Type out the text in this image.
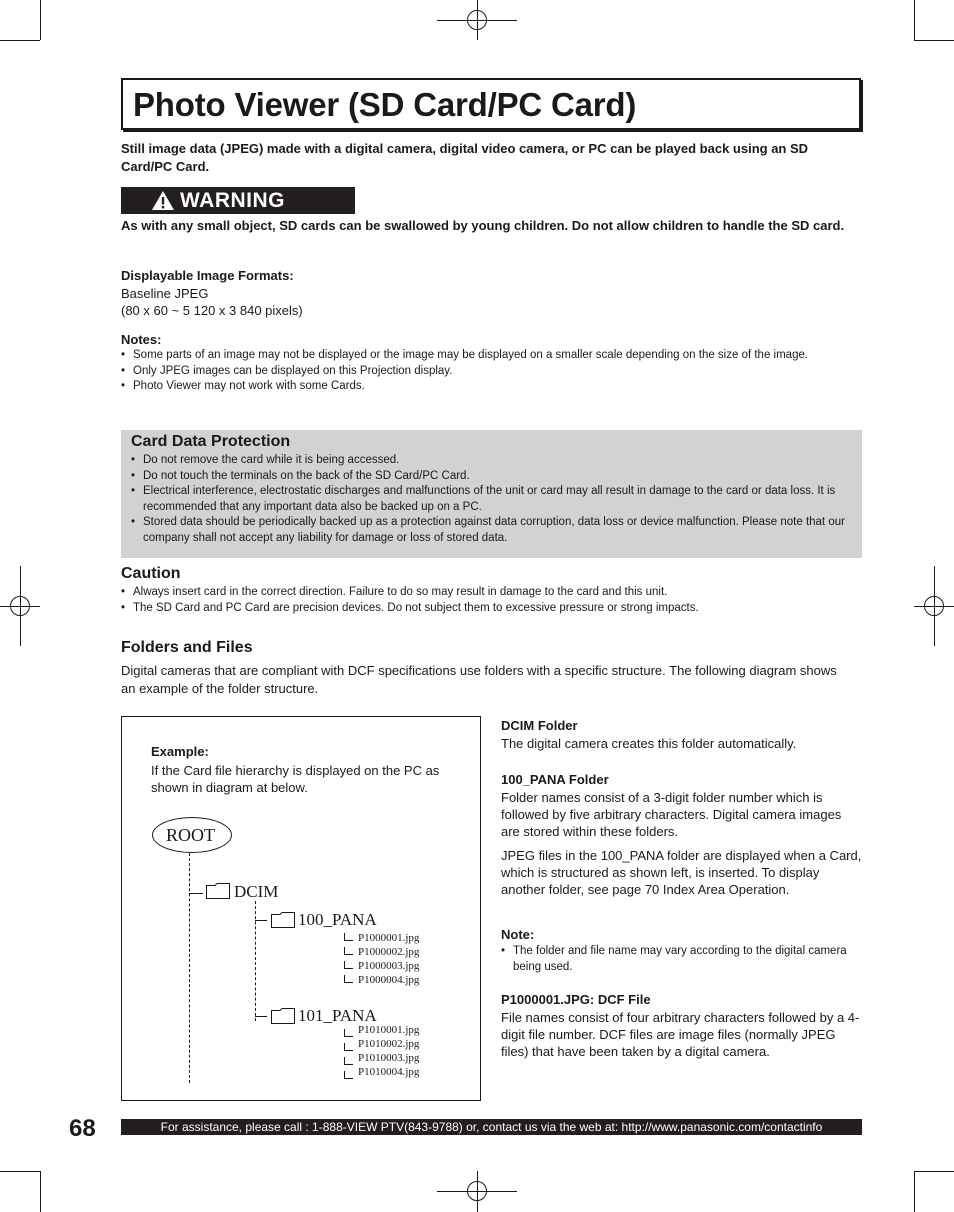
Photo Viewer (SD Card/PC Card)
Still image data (JPEG) made with a digital camera, digital video camera, or PC can be played back using an SD Card/PC Card.
WARNING
As with any small object, SD cards can be swallowed by young children. Do not allow children to handle the SD card.
Displayable Image Formats:
Baseline JPEG
(80 x 60 ~ 5 120 x 3 840 pixels)
Notes:
• Some parts of an image may not be displayed or the image may be displayed on a smaller scale depending on the size of the image.
• Only JPEG images can be displayed on this Projection display.
• Photo Viewer may not work with some Cards.
Card Data Protection
• Do not remove the card while it is being accessed.
• Do not touch the terminals on the back of the SD Card/PC Card.
• Electrical interference, electrostatic discharges and malfunctions of the unit or card may all result in damage to the card or data loss. It is recommended that any important data also be backed up on a PC.
• Stored data should be periodically backed up as a protection against data corruption, data loss or device malfunction. Please note that our company shall not accept any liability for damage or loss of stored data.
Caution
• Always insert card in the correct direction. Failure to do so may result in damage to the card and this unit.
• The SD Card and PC Card are precision devices. Do not subject them to excessive pressure or strong impacts.
Folders and Files
Digital cameras that are compliant with DCF specifications use folders with a specific structure. The following diagram shows an example of the folder structure.
Example:
If the Card file hierarchy is displayed on the PC as shown in diagram at below.
ROOT
DCIM
100_PANA
P1000001.jpg
P1000002.jpg
P1000003.jpg
P1000004.jpg
101_PANA
P1010001.jpg
P1010002.jpg
P1010003.jpg
P1010004.jpg
DCIM Folder
The digital camera creates this folder automatically.
100_PANA Folder
Folder names consist of a 3-digit folder number which is followed by five arbitrary characters. Digital camera images are stored within these folders.
JPEG files in the 100_PANA folder are displayed when a Card, which is structured as shown left, is inserted. To display another folder, see page 70 Index Area Operation.
Note:
• The folder and file name may vary according to the digital camera being used.
P1000001.JPG: DCF File
File names consist of four arbitrary characters followed by a 4-digit file number. DCF files are image files (normally JPEG files) that have been taken by a digital camera.
68	For assistance, please call : 1-888-VIEW PTV(843-9788) or, contact us via the web at: http://www.panasonic.com/contactinfo
